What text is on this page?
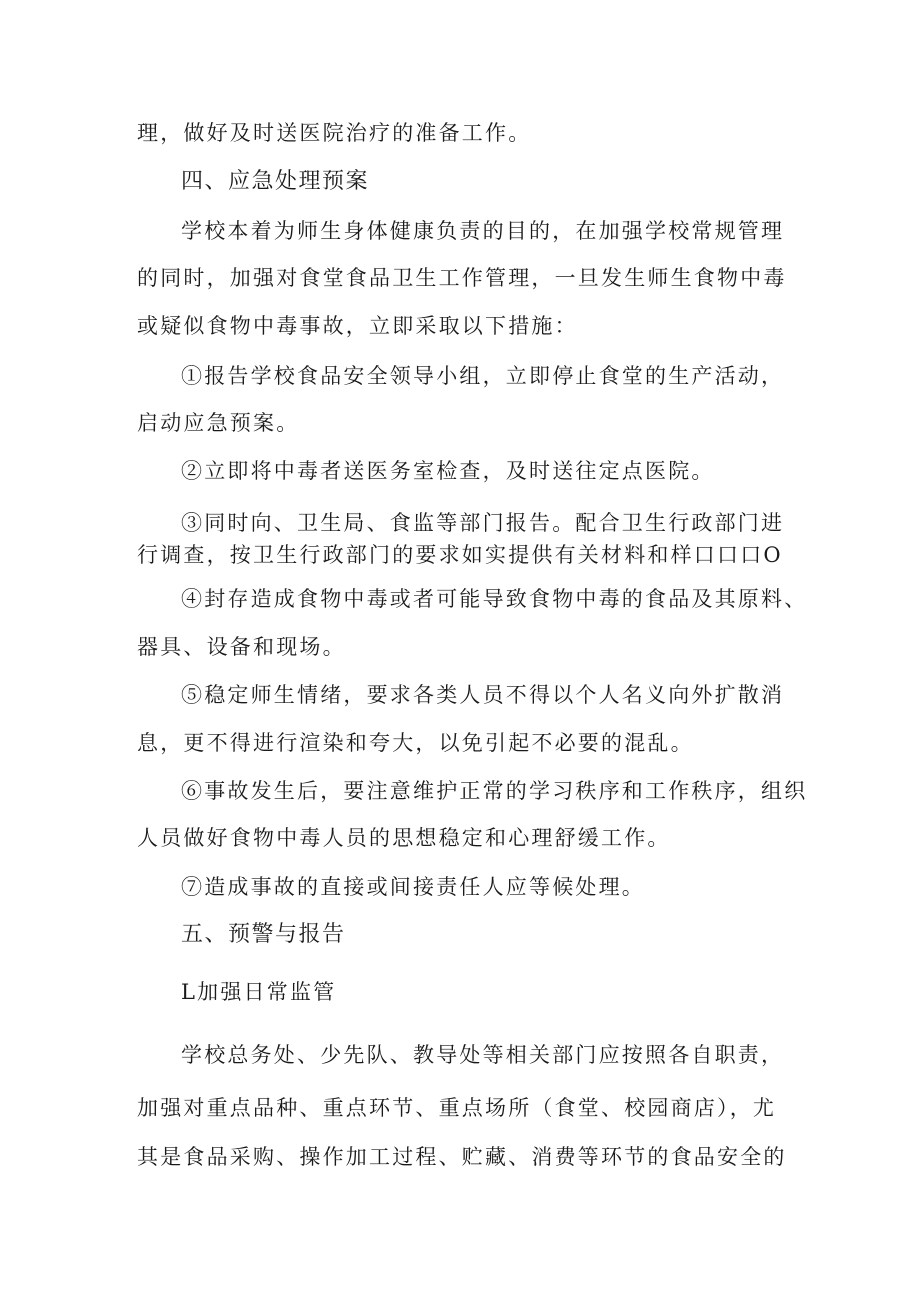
理，做好及时送医院治疗的准备工作。
四、应急处理预案
学校本着为师生身体健康负责的目的，在加强学校常规管理
的同时，加强对食堂食品卫生工作管理，一旦发生师生食物中毒
或疑似食物中毒事故，立即采取以下措施：
①报告学校食品安全领导小组，立即停止食堂的生产活动，
启动应急预案。
②立即将中毒者送医务室检查，及时送往定点医院。
③同时向、卫生局、食监等部门报告。配合卫生行政部门进
行调查，按卫生行政部门的要求如实提供有关材料和样口口口O
④封存造成食物中毒或者可能导致食物中毒的食品及其原料、
器具、设备和现场。
⑤稳定师生情绪，要求各类人员不得以个人名义向外扩散消
息，更不得进行渲染和夸大，以免引起不必要的混乱。
⑥事故发生后，要注意维护正常的学习秩序和工作秩序，组织
人员做好食物中毒人员的思想稳定和心理舒缓工作。
⑦造成事故的直接或间接责任人应等候处理。
五、预警与报告
L加强日常监管
学校总务处、少先队、教导处等相关部门应按照各自职责，
加强对重点品种、重点环节、重点场所（食堂、校园商店），尤
其是食品采购、操作加工过程、贮藏、消费等环节的食品安全的
